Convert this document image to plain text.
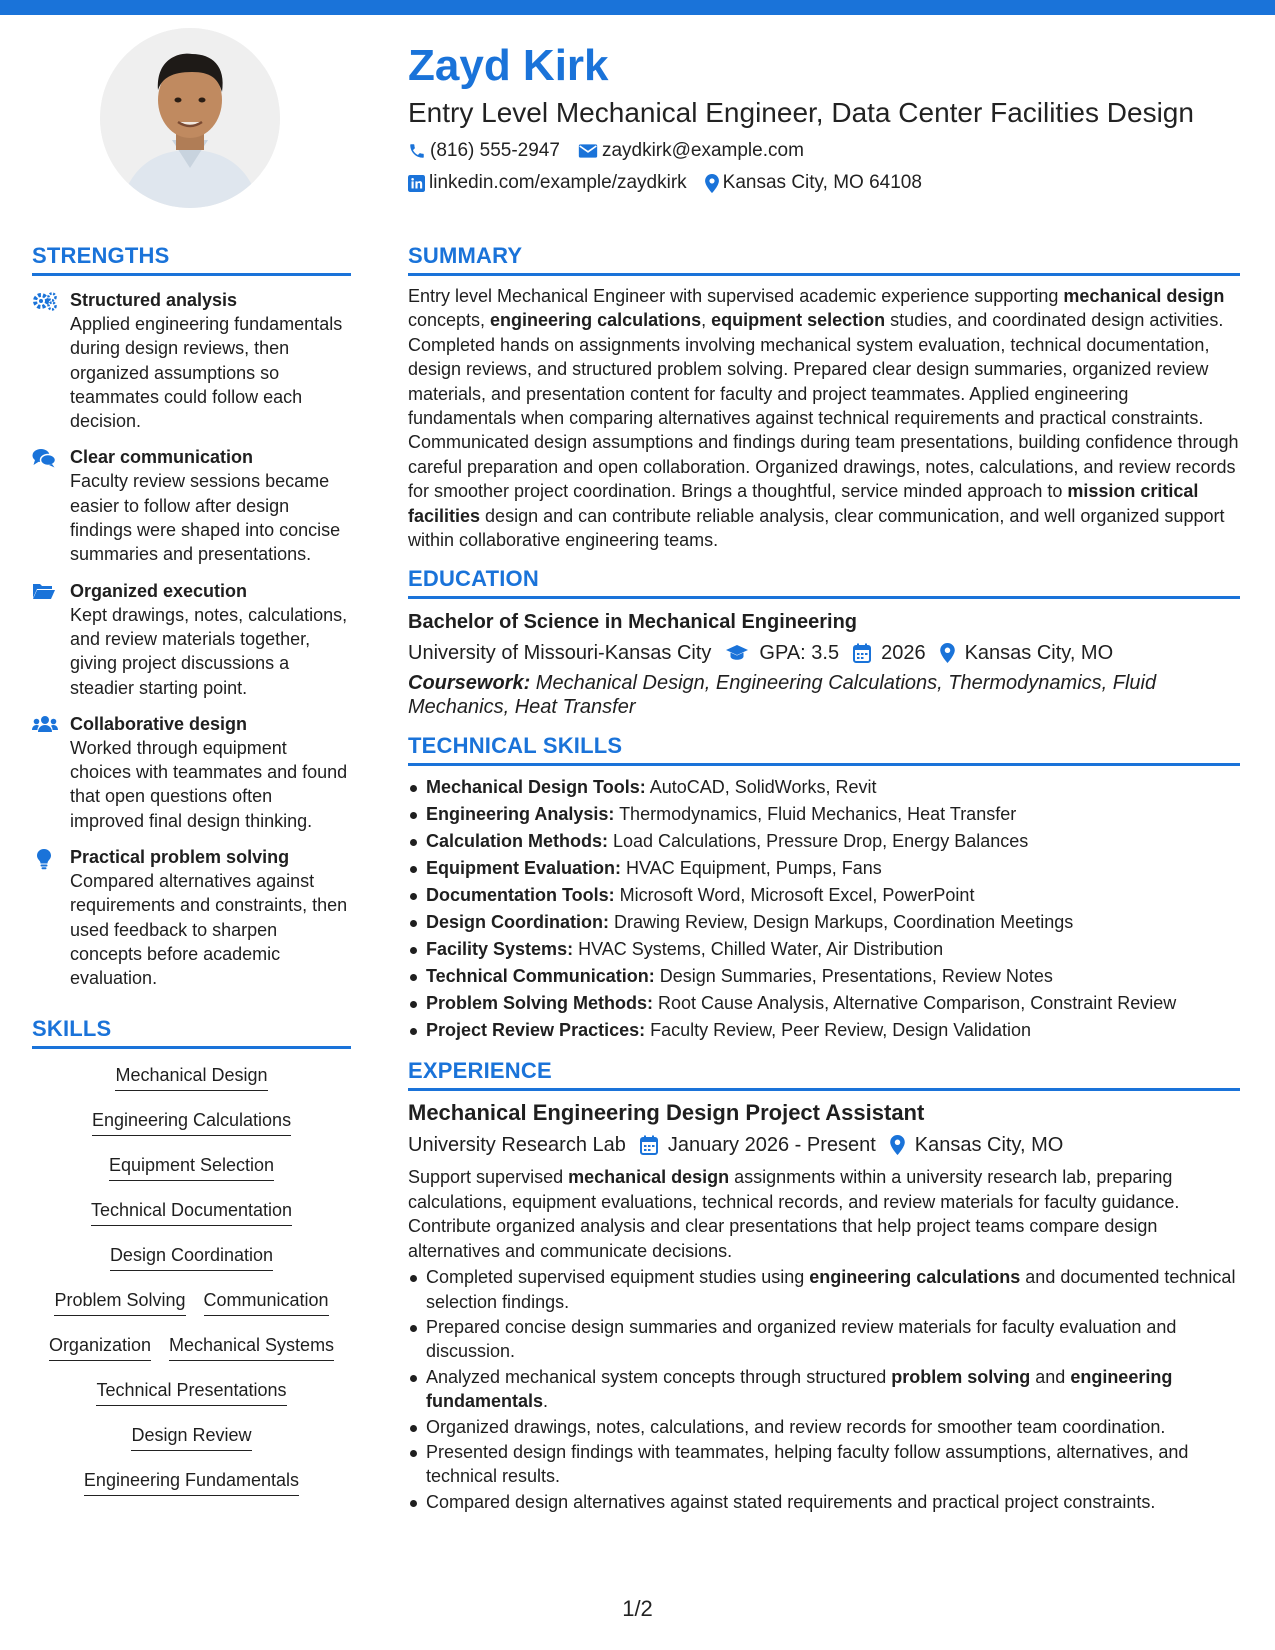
Zayd Kirk
Entry Level Mechanical Engineer, Data Center Facilities Design
(816) 555-2947 zaydkirk@example.com
linkedin.com/example/zaydkirk Kansas City, MO 64108
STRENGTHS
Structured analysis
Applied engineering fundamentals during design reviews, then organized assumptions so teammates could follow each decision.
Clear communication
Faculty review sessions became easier to follow after design findings were shaped into concise summaries and presentations.
Organized execution
Kept drawings, notes, calculations, and review materials together, giving project discussions a steadier starting point.
Collaborative design
Worked through equipment choices with teammates and found that open questions often improved final design thinking.
Practical problem solving
Compared alternatives against requirements and constraints, then used feedback to sharpen concepts before academic evaluation.
SKILLS
Mechanical Design
Engineering Calculations
Equipment Selection
Technical Documentation
Design Coordination
Problem Solving Communication
Organization Mechanical Systems
Technical Presentations
Design Review
Engineering Fundamentals
SUMMARY
Entry level Mechanical Engineer with supervised academic experience supporting mechanical design concepts, engineering calculations, equipment selection studies, and coordinated design activities. Completed hands on assignments involving mechanical system evaluation, technical documentation, design reviews, and structured problem solving. Prepared clear design summaries, organized review materials, and presentation content for faculty and project teammates. Applied engineering fundamentals when comparing alternatives against technical requirements and practical constraints. Communicated design assumptions and findings during team presentations, building confidence through careful preparation and open collaboration. Organized drawings, notes, calculations, and review records for smoother project coordination. Brings a thoughtful, service minded approach to mission critical facilities design and can contribute reliable analysis, clear communication, and well organized support within collaborative engineering teams.
EDUCATION
Bachelor of Science in Mechanical Engineering
University of Missouri-Kansas City GPA: 3.5 2026 Kansas City, MO
Coursework: Mechanical Design, Engineering Calculations, Thermodynamics, Fluid Mechanics, Heat Transfer
TECHNICAL SKILLS
Mechanical Design Tools: AutoCAD, SolidWorks, Revit
Engineering Analysis: Thermodynamics, Fluid Mechanics, Heat Transfer
Calculation Methods: Load Calculations, Pressure Drop, Energy Balances
Equipment Evaluation: HVAC Equipment, Pumps, Fans
Documentation Tools: Microsoft Word, Microsoft Excel, PowerPoint
Design Coordination: Drawing Review, Design Markups, Coordination Meetings
Facility Systems: HVAC Systems, Chilled Water, Air Distribution
Technical Communication: Design Summaries, Presentations, Review Notes
Problem Solving Methods: Root Cause Analysis, Alternative Comparison, Constraint Review
Project Review Practices: Faculty Review, Peer Review, Design Validation
EXPERIENCE
Mechanical Engineering Design Project Assistant
University Research Lab January 2026 - Present Kansas City, MO
Support supervised mechanical design assignments within a university research lab, preparing calculations, equipment evaluations, technical records, and review materials for faculty guidance. Contribute organized analysis and clear presentations that help project teams compare design alternatives and communicate decisions.
Completed supervised equipment studies using engineering calculations and documented technical selection findings.
Prepared concise design summaries and organized review materials for faculty evaluation and discussion.
Analyzed mechanical system concepts through structured problem solving and engineering fundamentals.
Organized drawings, notes, calculations, and review records for smoother team coordination.
Presented design findings with teammates, helping faculty follow assumptions, alternatives, and technical results.
Compared design alternatives against stated requirements and practical project constraints.
1/2
